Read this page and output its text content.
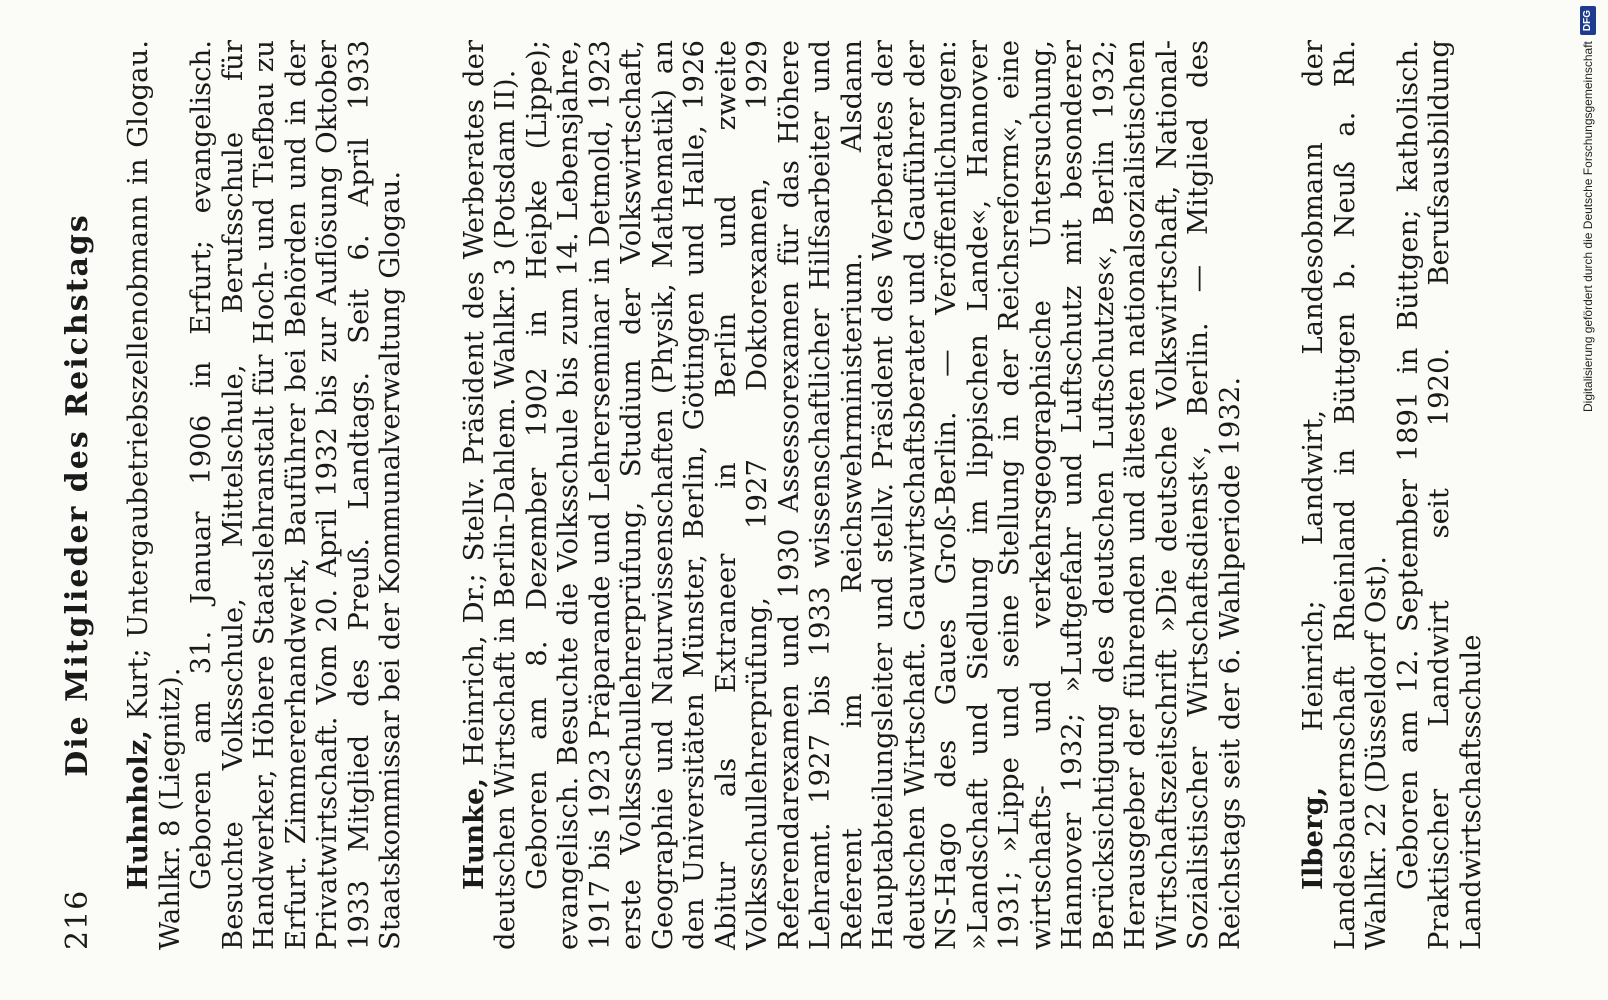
216
Die Mitglieder des Reichstags

Huhnholz, Kurt; Untergaubetriebszellenobmann in Glogau. Wahlkr. 8 (Liegnitz). Geboren am 31. Januar 1906 in Erfurt; evangelisch. Besuchte Volksschule, Mittelschule, Berufsschule für Handwerker, Höhere Staatslehranstalt für Hoch- und Tiefbau zu Erfurt. Zimmererhandwerk, Bauführer bei Behörden und in der Privatwirtschaft. Vom 20. April 1932 bis zur Auflösung Oktober 1933 Mitglied des Preuß. Landtags. Seit 6. April 1933 Staatskommissar bei der Kommunalverwaltung Glogau. Hunke, Heinrich, Dr.; Stellv. Präsident des Werberates der deutschen Wirtschaft in Berlin-Dahlem. Wahlkr. 3 (Potsdam II). Geboren am 8. Dezember 1902 in Heipke (Lippe); evangelisch. Besuchte die Volksschule bis zum 14. Lebensjahre, 1917 bis 1923 Präparande und Lehrerseminar in Detmold, 1923 erste Volksschullehrerprüfung, Studium der Volkswirtschaft, Geographie und Naturwissenschaften (Physik, Mathematik) an den Universitäten Münster, Berlin, Göttingen und Halle, 1926 Abitur als Extraneer in Berlin und zweite Volksschullehrerprüfung, 1927 Doktorexamen, 1929 Referendarexamen und 1930 Assessorexamen für das Höhere Lehramt. 1927 bis 1933 wissenschaftlicher Hilfsarbeiter und Referent im Reichswehrministerium. Alsdann Hauptabteilungsleiter und stellv. Präsident des Werberates der deutschen Wirtschaft. Gauwirtschaftsberater und Gauführer der NS-Hago des Gaues Groß-Berlin. — Veröffentlichungen: »Landschaft und Siedlung im lippischen Lande«, Hannover 1931; »Lippe und seine Stellung in der Reichsreform«, eine wirtschafts- und verkehrsgeographische Untersuchung, Hannover 1932; »Luftgefahr und Luftschutz mit besonderer Berücksichtigung des deutschen Luftschutzes«, Berlin 1932; Herausgeber der führenden und ältesten nationalsozialistischen Wirtschaftszeitschrift »Die deutsche Volkswirtschaft, National-Sozialistischer Wirtschaftsdienst«, Berlin. — Mitglied des Reichstags seit der 6. Wahlperiode 1932. Ilberg, Heinrich; Landwirt, Landesobmann der Landesbauernschaft Rheinland in Büttgen b. Neuß a. Rh. Wahlkr. 22 (Düsseldorf Ost). Geboren am 12. September 1891 in Büttgen; katholisch. Praktischer Landwirt seit 1920. Berufsausbildung Landwirtschaftsschule

Digitalisierung gefördert durch die Deutsche Forschungsgemeinschaft
DFG
